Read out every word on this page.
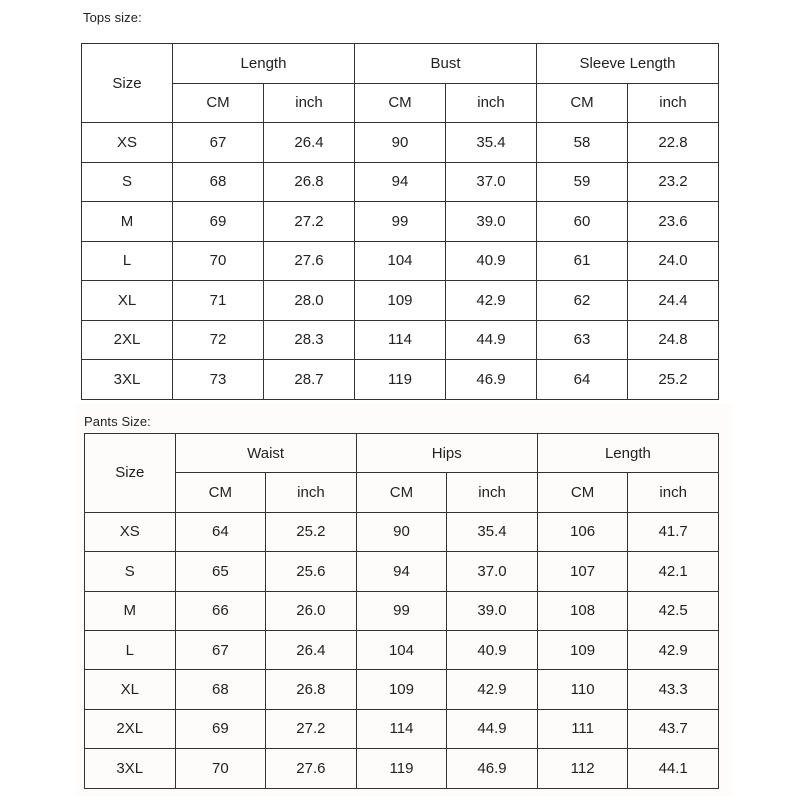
Tops size:
Size	Length		Bust		Sleeve Length	
	CM	inch	CM	inch	CM	inch
XS	67	26.4	90	35.4	58	22.8
S	68	26.8	94	37.0	59	23.2
M	69	27.2	99	39.0	60	23.6
L	70	27.6	104	40.9	61	24.0
XL	71	28.0	109	42.9	62	24.4
2XL	72	28.3	114	44.9	63	24.8
3XL	73	28.7	119	46.9	64	25.2
Pants Size:
Size	Waist		Hips		Length	
	CM	inch	CM	inch	CM	inch
XS	64	25.2	90	35.4	106	41.7
S	65	25.6	94	37.0	107	42.1
M	66	26.0	99	39.0	108	42.5
L	67	26.4	104	40.9	109	42.9
XL	68	26.8	109	42.9	110	43.3
2XL	69	27.2	114	44.9	111	43.7
3XL	70	27.6	119	46.9	112	44.1
